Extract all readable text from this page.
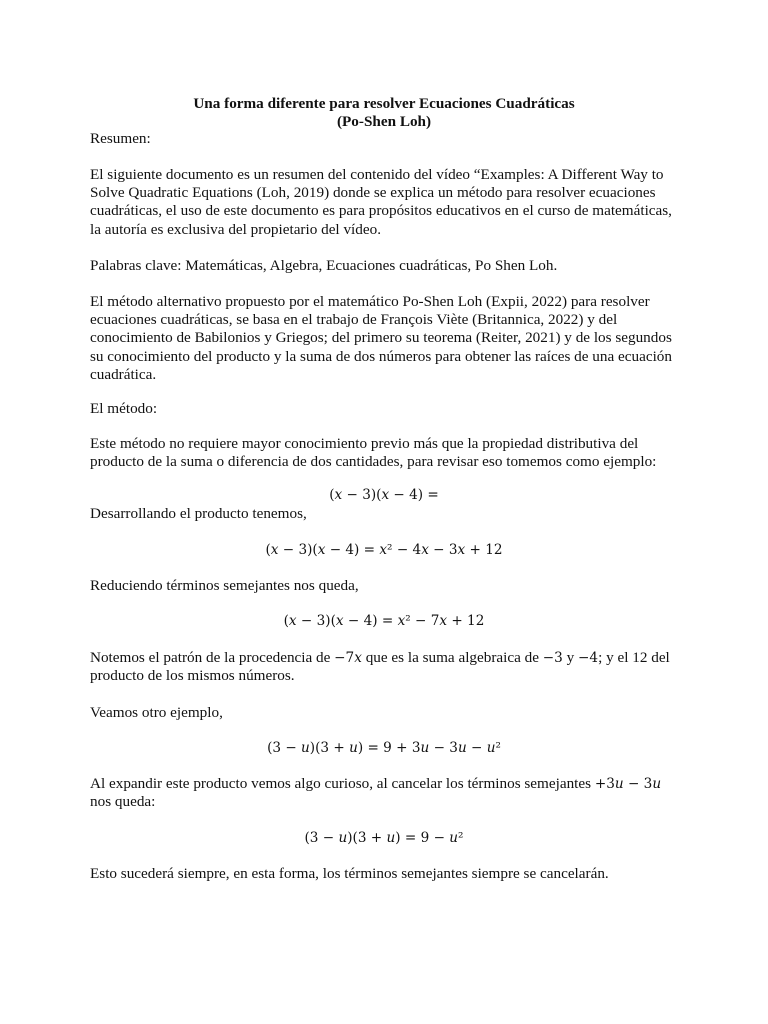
Una forma diferente para resolver Ecuaciones Cuadráticas

(Po-Shen Loh)

Resumen:

El siguiente documento es un resumen del contenido del vídeo “Examples: A Different Way to
Solve Quadratic Equations (Loh, 2019) donde se explica un método para resolver ecuaciones
cuadráticas, el uso de este documento es para propósitos educativos en el curso de matemáticas,
la autoría es exclusiva del propietario del vídeo.

Palabras clave: Matemáticas, Algebra, Ecuaciones cuadráticas, Po Shen Loh.

El método alternativo propuesto por el matemático Po-Shen Loh (Expii, 2022) para resolver
ecuaciones cuadráticas, se basa en el trabajo de François Viète (Britannica, 2022) y del
conocimiento de Babilonios y Griegos; del primero su teorema (Reiter, 2021) y de los segundos
su conocimiento del producto y la suma de dos números para obtener las raíces de una ecuación
cuadrática.

El método:

Este método no requiere mayor conocimiento previo más que la propiedad distributiva del
producto de la suma o diferencia de dos cantidades, para revisar eso tomemos como ejemplo:

(𝑥 − 3)(𝑥 − 4) =

Desarrollando el producto tenemos,

(𝑥 − 3)(𝑥 − 4) = 𝑥² − 4𝑥 − 3𝑥 + 12

Reduciendo términos semejantes nos queda,

(𝑥 − 3)(𝑥 − 4) = 𝑥² − 7𝑥 + 12

Notemos el patrón de la procedencia de −7𝑥 que es la suma algebraica de −3 y −4; y el 12 del
producto de los mismos números.

Veamos otro ejemplo,

(3 − 𝑢)(3 + 𝑢) = 9 + 3𝑢 − 3𝑢 − 𝑢²

Al expandir este producto vemos algo curioso, al cancelar los términos semejantes +3𝑢 − 3𝑢
nos queda:

(3 − 𝑢)(3 + 𝑢) = 9 − 𝑢²

Esto sucederá siempre, en esta forma, los términos semejantes siempre se cancelarán.
